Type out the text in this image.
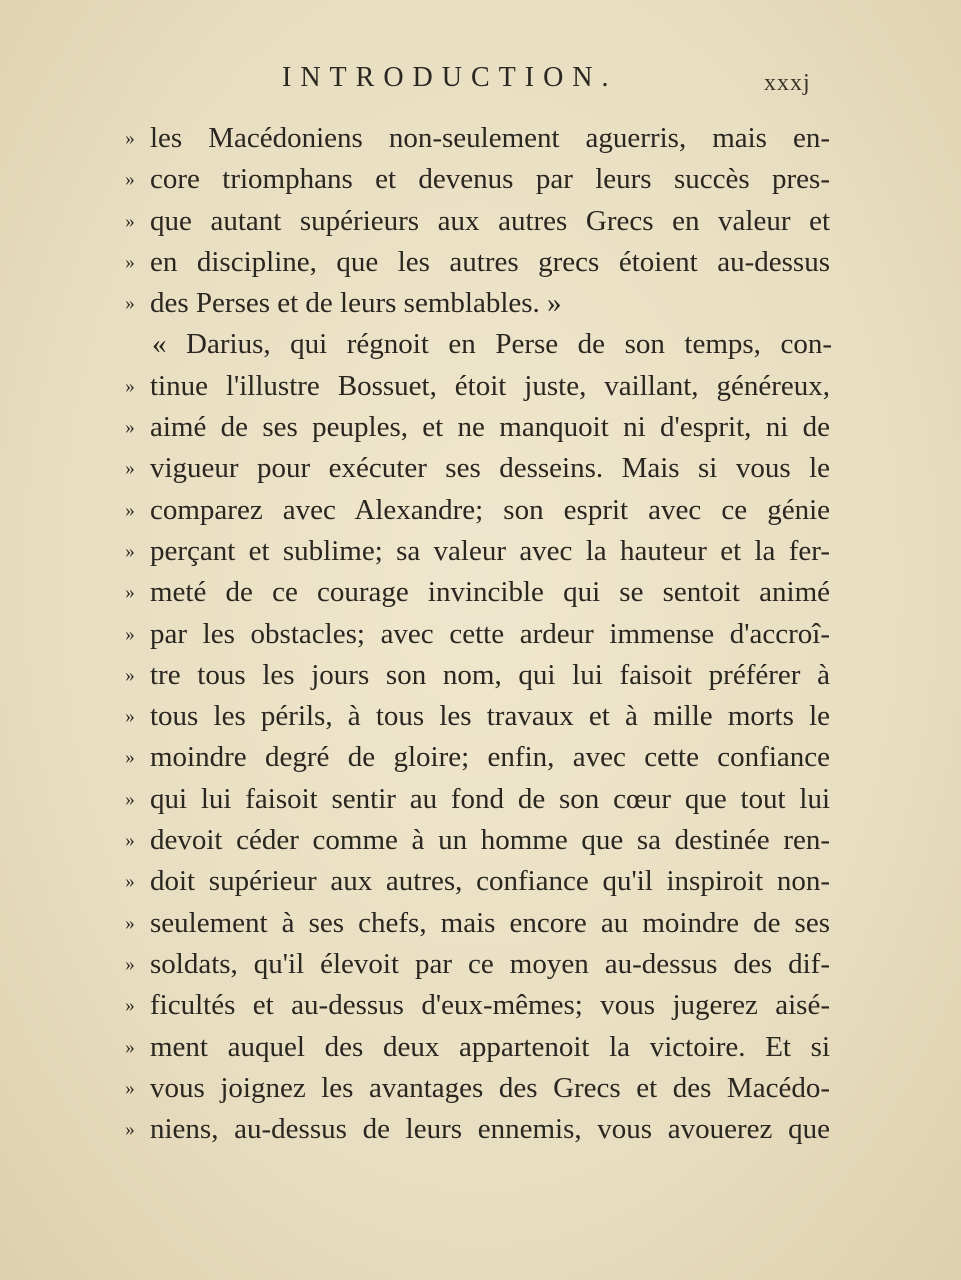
INTRODUCTION.	xxxj
» les Macédoniens non-seulement aguerris, mais en-
» core triomphans et devenus par leurs succès pres-
» que autant supérieurs aux autres Grecs en valeur et
» en discipline, que les autres grecs étoient au-dessus
» des Perses et de leurs semblables. »
« Darius, qui régnoit en Perse de son temps, con-
» tinue l'illustre Bossuet, étoit juste, vaillant, généreux,
» aimé de ses peuples, et ne manquoit ni d'esprit, ni de
» vigueur pour exécuter ses desseins. Mais si vous le
» comparez avec Alexandre; son esprit avec ce génie
» perçant et sublime; sa valeur avec la hauteur et la fer-
» meté de ce courage invincible qui se sentoit animé
» par les obstacles; avec cette ardeur immense d'accroî-
» tre tous les jours son nom, qui lui faisoit préférer à
» tous les périls, à tous les travaux et à mille morts le
» moindre degré de gloire; enfin, avec cette confiance
» qui lui faisoit sentir au fond de son cœur que tout lui
» devoit céder comme à un homme que sa destinée ren-
» doit supérieur aux autres, confiance qu'il inspiroit non-
» seulement à ses chefs, mais encore au moindre de ses
» soldats, qu'il élevoit par ce moyen au-dessus des dif-
» ficultés et au-dessus d'eux-mêmes; vous jugerez aisé-
» ment auquel des deux appartenoit la victoire. Et si
» vous joignez les avantages des Grecs et des Macédo-
» niens, au-dessus de leurs ennemis, vous avouerez que
